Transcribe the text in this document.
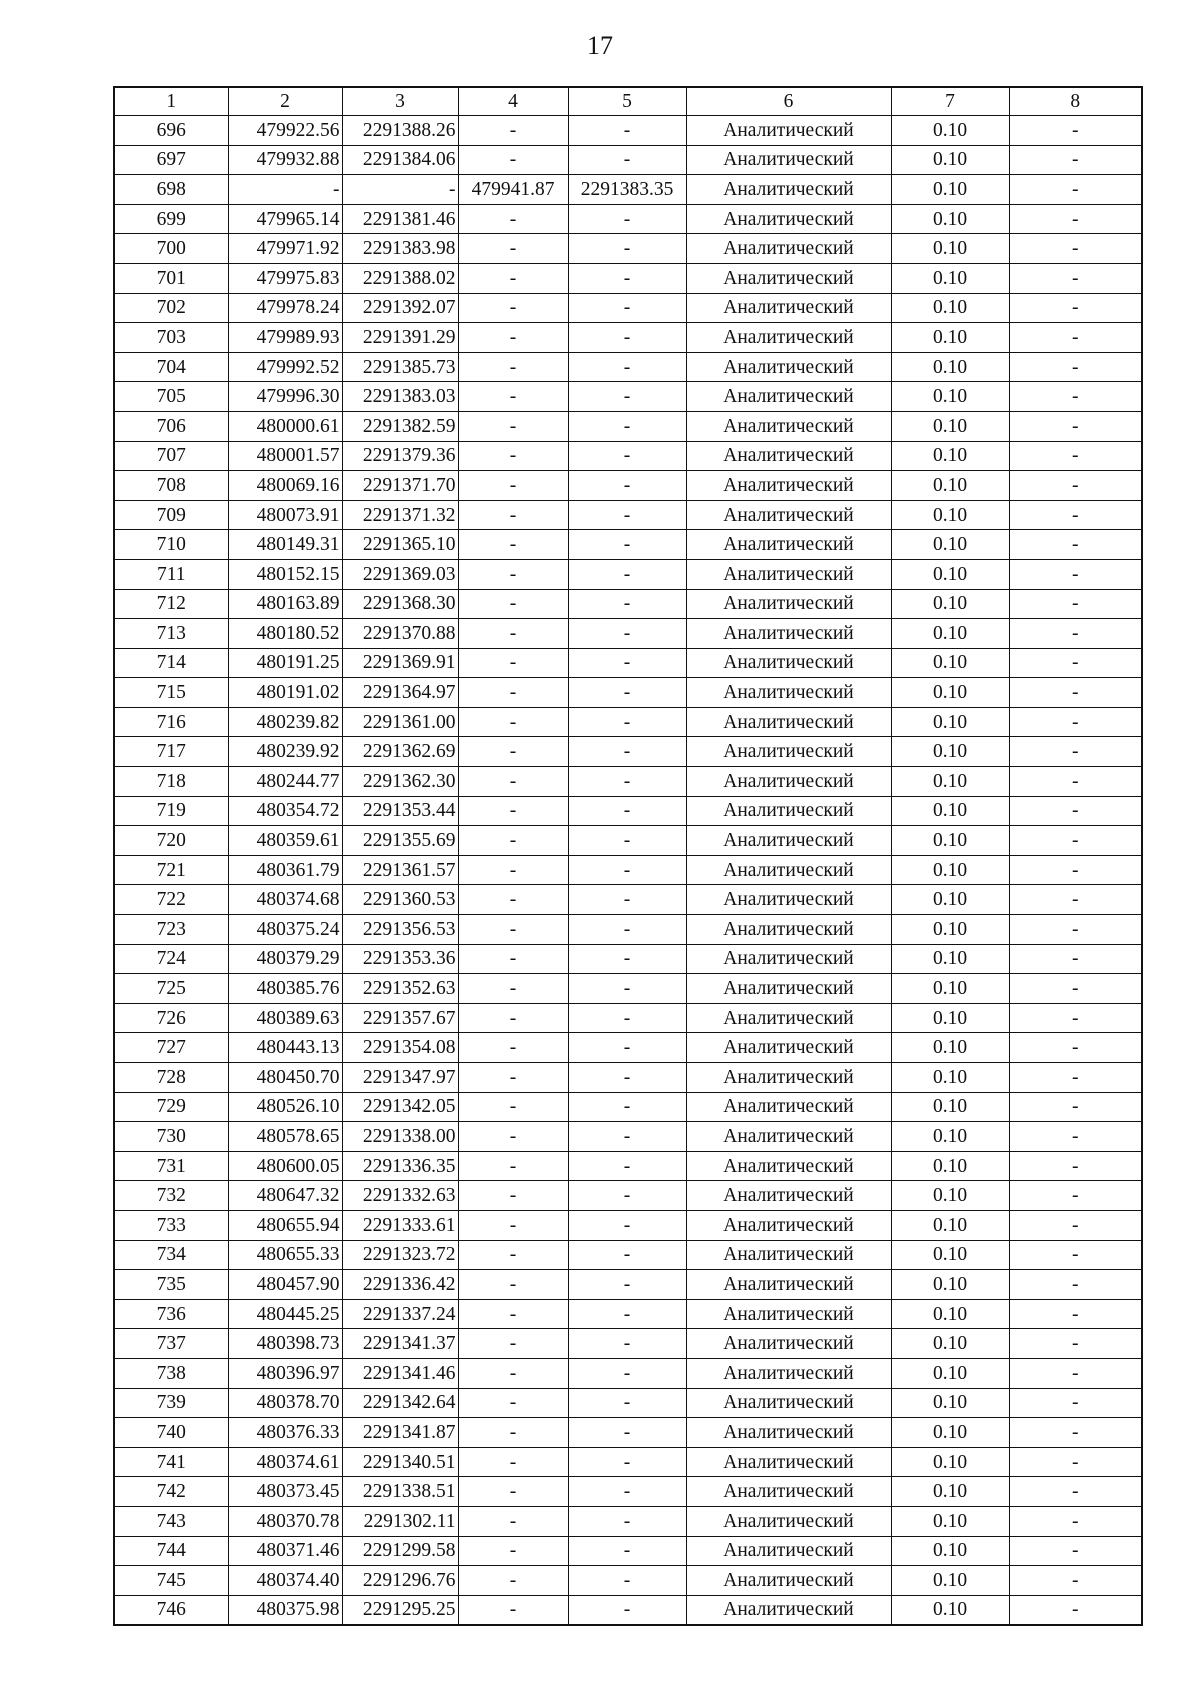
17
1	2	3	4	5	6	7	8
696	479922.56	2291388.26	-	-	Аналитический	0.10	-
697	479932.88	2291384.06	-	-	Аналитический	0.10	-
698	-	-	479941.87	2291383.35	Аналитический	0.10	-
699	479965.14	2291381.46	-	-	Аналитический	0.10	-
700	479971.92	2291383.98	-	-	Аналитический	0.10	-
701	479975.83	2291388.02	-	-	Аналитический	0.10	-
702	479978.24	2291392.07	-	-	Аналитический	0.10	-
703	479989.93	2291391.29	-	-	Аналитический	0.10	-
704	479992.52	2291385.73	-	-	Аналитический	0.10	-
705	479996.30	2291383.03	-	-	Аналитический	0.10	-
706	480000.61	2291382.59	-	-	Аналитический	0.10	-
707	480001.57	2291379.36	-	-	Аналитический	0.10	-
708	480069.16	2291371.70	-	-	Аналитический	0.10	-
709	480073.91	2291371.32	-	-	Аналитический	0.10	-
710	480149.31	2291365.10	-	-	Аналитический	0.10	-
711	480152.15	2291369.03	-	-	Аналитический	0.10	-
712	480163.89	2291368.30	-	-	Аналитический	0.10	-
713	480180.52	2291370.88	-	-	Аналитический	0.10	-
714	480191.25	2291369.91	-	-	Аналитический	0.10	-
715	480191.02	2291364.97	-	-	Аналитический	0.10	-
716	480239.82	2291361.00	-	-	Аналитический	0.10	-
717	480239.92	2291362.69	-	-	Аналитический	0.10	-
718	480244.77	2291362.30	-	-	Аналитический	0.10	-
719	480354.72	2291353.44	-	-	Аналитический	0.10	-
720	480359.61	2291355.69	-	-	Аналитический	0.10	-
721	480361.79	2291361.57	-	-	Аналитический	0.10	-
722	480374.68	2291360.53	-	-	Аналитический	0.10	-
723	480375.24	2291356.53	-	-	Аналитический	0.10	-
724	480379.29	2291353.36	-	-	Аналитический	0.10	-
725	480385.76	2291352.63	-	-	Аналитический	0.10	-
726	480389.63	2291357.67	-	-	Аналитический	0.10	-
727	480443.13	2291354.08	-	-	Аналитический	0.10	-
728	480450.70	2291347.97	-	-	Аналитический	0.10	-
729	480526.10	2291342.05	-	-	Аналитический	0.10	-
730	480578.65	2291338.00	-	-	Аналитический	0.10	-
731	480600.05	2291336.35	-	-	Аналитический	0.10	-
732	480647.32	2291332.63	-	-	Аналитический	0.10	-
733	480655.94	2291333.61	-	-	Аналитический	0.10	-
734	480655.33	2291323.72	-	-	Аналитический	0.10	-
735	480457.90	2291336.42	-	-	Аналитический	0.10	-
736	480445.25	2291337.24	-	-	Аналитический	0.10	-
737	480398.73	2291341.37	-	-	Аналитический	0.10	-
738	480396.97	2291341.46	-	-	Аналитический	0.10	-
739	480378.70	2291342.64	-	-	Аналитический	0.10	-
740	480376.33	2291341.87	-	-	Аналитический	0.10	-
741	480374.61	2291340.51	-	-	Аналитический	0.10	-
742	480373.45	2291338.51	-	-	Аналитический	0.10	-
743	480370.78	2291302.11	-	-	Аналитический	0.10	-
744	480371.46	2291299.58	-	-	Аналитический	0.10	-
745	480374.40	2291296.76	-	-	Аналитический	0.10	-
746	480375.98	2291295.25	-	-	Аналитический	0.10	-
